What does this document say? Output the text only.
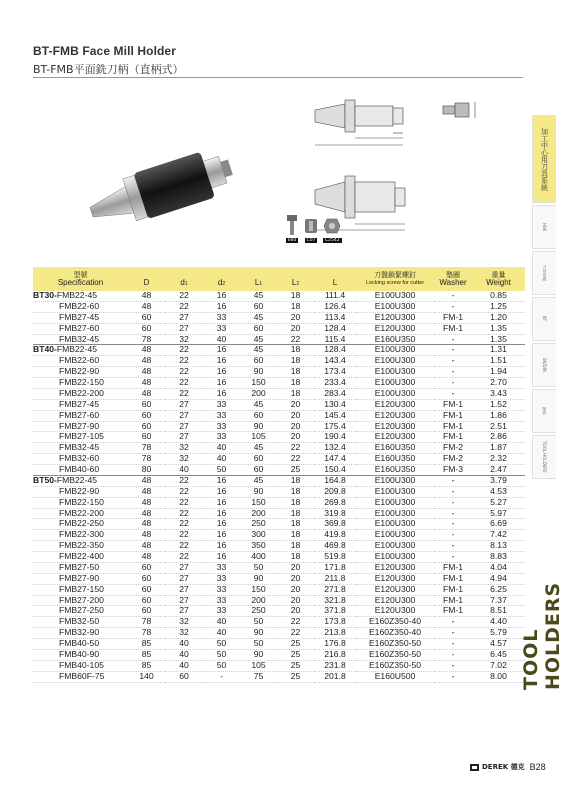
BT-FMB Face Mill Holder
BT-FMB平面銑刀柄（直柄式）
E60	C07	C2542
型號
Specification	D	d1	d2	L1	L2	L	刀盤鎖緊螺釘
Locking screw for cutter	墊圈
Washer	重量
Weight

BT30-FMB22-45	48	22	16	45	18	111.4	E100U300	-	0.85
FMB22-60	48	22	16	60	18	126.4	E100U300	-	1.25
FMB27-45	60	27	33	45	20	113.4	E120U300	FM-1	1.20
FMB27-60	60	27	33	60	20	128.4	E120U300	FM-1	1.35
FMB32-45	78	32	40	45	22	115.4	E160U350	-	1.35
BT40-FMB22-45	48	22	16	45	18	128.4	E100U300	-	1.31
FMB22-60	48	22	16	60	18	143.4	E100U300	-	1.51
FMB22-90	48	22	16	90	18	173.4	E100U300	-	1.94
FMB22-150	48	22	16	150	18	233.4	E100U300	-	2.70
FMB22-200	48	22	16	200	18	283.4	E100U300	-	3.43
FMB27-45	60	27	33	45	20	130.4	E120U300	FM-1	1.52
FMB27-60	60	27	33	60	20	145.4	E120U300	FM-1	1.86
FMB27-90	60	27	33	90	20	175.4	E120U300	FM-1	2.51
FMB27-105	60	27	33	105	20	190.4	E120U300	FM-1	2.86
FMB32-45	78	32	40	45	22	132.4	E160U350	FM-2	1.87
FMB32-60	78	32	40	60	22	147.4	E160U350	FM-2	2.32
FMB40-60	80	40	50	60	25	150.4	E160U350	FM-3	2.47
BT50-FMB22-45	48	22	16	45	18	164.8	E100U300	-	3.79
FMB22-90	48	22	16	90	18	209.8	E100U300	-	4.53
FMB22-150	48	22	16	150	18	269.8	E100U300	-	5.27
FMB22-200	48	22	16	200	18	319.8	E100U300	-	5.97
FMB22-250	48	22	16	250	18	369.8	E100U300	-	6.69
FMB22-300	48	22	16	300	18	419.8	E100U300	-	7.42
FMB22-350	48	22	16	350	18	469.8	E100U300	-	8.13
FMB22-400	48	22	16	400	18	519.8	E100U300	-	8.83
FMB27-50	60	27	33	50	20	171.8	E120U300	FM-1	4.04
FMB27-90	60	27	33	90	20	211.8	E120U300	FM-1	4.94
FMB27-150	60	27	33	150	20	271.8	E120U300	FM-1	6.25
FMB27-200	60	27	33	200	20	321.8	E120U300	FM-1	7.37
FMB27-250	60	27	33	250	20	371.8	E120U300	FM-1	8.51
FMB32-50	78	32	40	50	22	173.8	E160Z350-40	-	4.40
FMB32-90	78	32	40	90	22	213.8	E160Z350-40	-	5.79
FMB40-50	85	40	50	50	25	176.8	E160Z350-50	-	4.57
FMB40-90	85	40	50	90	25	216.8	E160Z350-50	-	6.45
FMB40-105	85	40	50	105	25	231.8	E160Z350-50	-	7.02
FMB60F-75	140	60	-	75	25	201.8	E160U500	-	8.00
加工中心用刀具系統
HSK
刀具系統
BT
SK/DIN
附件
TOOL HOLDERS
TOOL HOLDERS
DEREK 德克 B28
